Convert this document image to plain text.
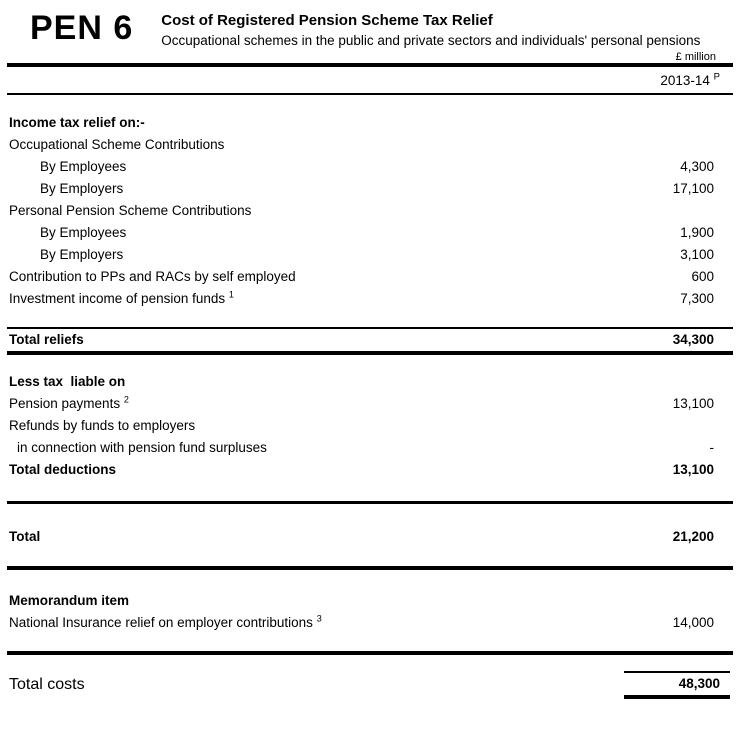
PEN 6 Cost of Registered Pension Scheme Tax Relief
Occupational schemes in the public and private sectors and individuals' personal pensions
£ million
2013-14 $^P$
Income tax relief on:-
Occupational Scheme Contributions
By Employees	4,300
By Employers	17,100
Personal Pension Scheme Contributions
By Employees	1,900
By Employers	3,100
Contribution to PPs and RACs by self employed	600
Investment income of pension funds $^1$	7,300
Total reliefs	34,300
Less tax  liable on
Pension payments $^2$	13,100
Refunds by funds to employers
in connection with pension fund surpluses	-
Total deductions	13,100
Total	21,200
Memorandum item
National Insurance relief on employer contributions $^3$	14,000
Total costs	48,300
